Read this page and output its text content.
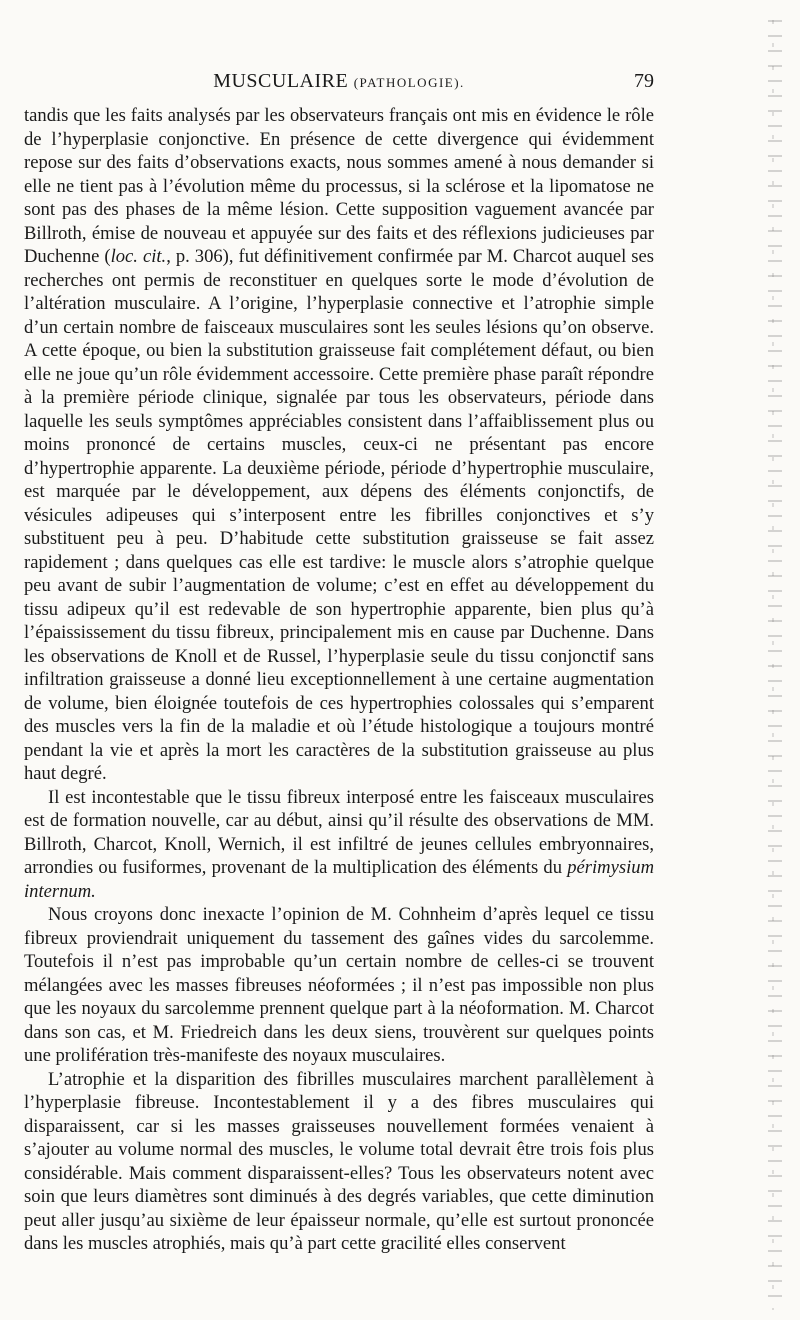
MUSCULAIRE (PATHOLOGIE).	79

tandis que les faits analysés par les observateurs français ont mis en évidence le rôle de l’hyperplasie conjonctive. En présence de cette divergence qui évidemment repose sur des faits d’observations exacts, nous sommes amené à nous demander si elle ne tient pas à l’évolution même du processus, si la sclérose et la lipomatose ne sont pas des phases de la même lésion. Cette supposition vaguement avancée par Billroth, émise de nouveau et appuyée sur des faits et des réflexions judicieuses par Duchenne (loc. cit., p. 306), fut définitivement confirmée par M. Charcot auquel ses recherches ont permis de reconstituer en quelques sorte le mode d’évolution de l’altération musculaire. A l’origine, l’hyperplasie connective et l’atrophie simple d’un certain nombre de faisceaux musculaires sont les seules lésions qu’on observe. A cette époque, ou bien la substitution graisseuse fait complétement défaut, ou bien elle ne joue qu’un rôle évidemment accessoire. Cette première phase paraît répondre à la première période clinique, signalée par tous les observateurs, période dans laquelle les seuls symptômes appréciables consistent dans l’affaiblissement plus ou moins prononcé de certains muscles, ceux-ci ne présentant pas encore d’hypertrophie apparente. La deuxième période, période d’hypertrophie musculaire, est marquée par le développement, aux dépens des éléments conjonctifs, de vésicules adipeuses qui s’interposent entre les fibrilles conjonctives et s’y substituent peu à peu. D’habitude cette substitution graisseuse se fait assez rapidement ; dans quelques cas elle est tardive: le muscle alors s’atrophie quelque peu avant de subir l’augmentation de volume; c’est en effet au développement du tissu adipeux qu’il est redevable de son hypertrophie apparente, bien plus qu’à l’épaississement du tissu fibreux, principalement mis en cause par Duchenne. Dans les observations de Knoll et de Russel, l’hyperplasie seule du tissu conjonctif sans infiltration graisseuse a donné lieu exceptionnellement à une certaine augmentation de volume, bien éloignée toutefois de ces hypertrophies colossales qui s’emparent des muscles vers la fin de la maladie et où l’étude histologique a toujours montré pendant la vie et après la mort les caractères de la substitution graisseuse au plus haut degré.

Il est incontestable que le tissu fibreux interposé entre les faisceaux musculaires est de formation nouvelle, car au début, ainsi qu’il résulte des observations de MM. Billroth, Charcot, Knoll, Wernich, il est infiltré de jeunes cellules embryonnaires, arrondies ou fusiformes, provenant de la multiplication des éléments du périmysium internum.

Nous croyons donc inexacte l’opinion de M. Cohnheim d’après lequel ce tissu fibreux proviendrait uniquement du tassement des gaînes vides du sarcolemme. Toutefois il n’est pas improbable qu’un certain nombre de celles-ci se trouvent mélangées avec les masses fibreuses néoformées ; il n’est pas impossible non plus que les noyaux du sarcolemme prennent quelque part à la néoformation. M. Charcot dans son cas, et M. Friedreich dans les deux siens, trouvèrent sur quelques points une prolifération très-manifeste des noyaux musculaires.

L’atrophie et la disparition des fibrilles musculaires marchent parallèlement à l’hyperplasie fibreuse. Incontestablement il y a des fibres musculaires qui disparaissent, car si les masses graisseuses nouvellement formées venaient à s’ajouter au volume normal des muscles, le volume total devrait être trois fois plus considérable. Mais comment disparaissent-elles? Tous les observateurs notent avec soin que leurs diamètres sont diminués à des degrés variables, que cette diminution peut aller jusqu’au sixième de leur épaisseur normale, qu’elle est surtout prononcée dans les muscles atrophiés, mais qu’à part cette gracilité elles conservent
